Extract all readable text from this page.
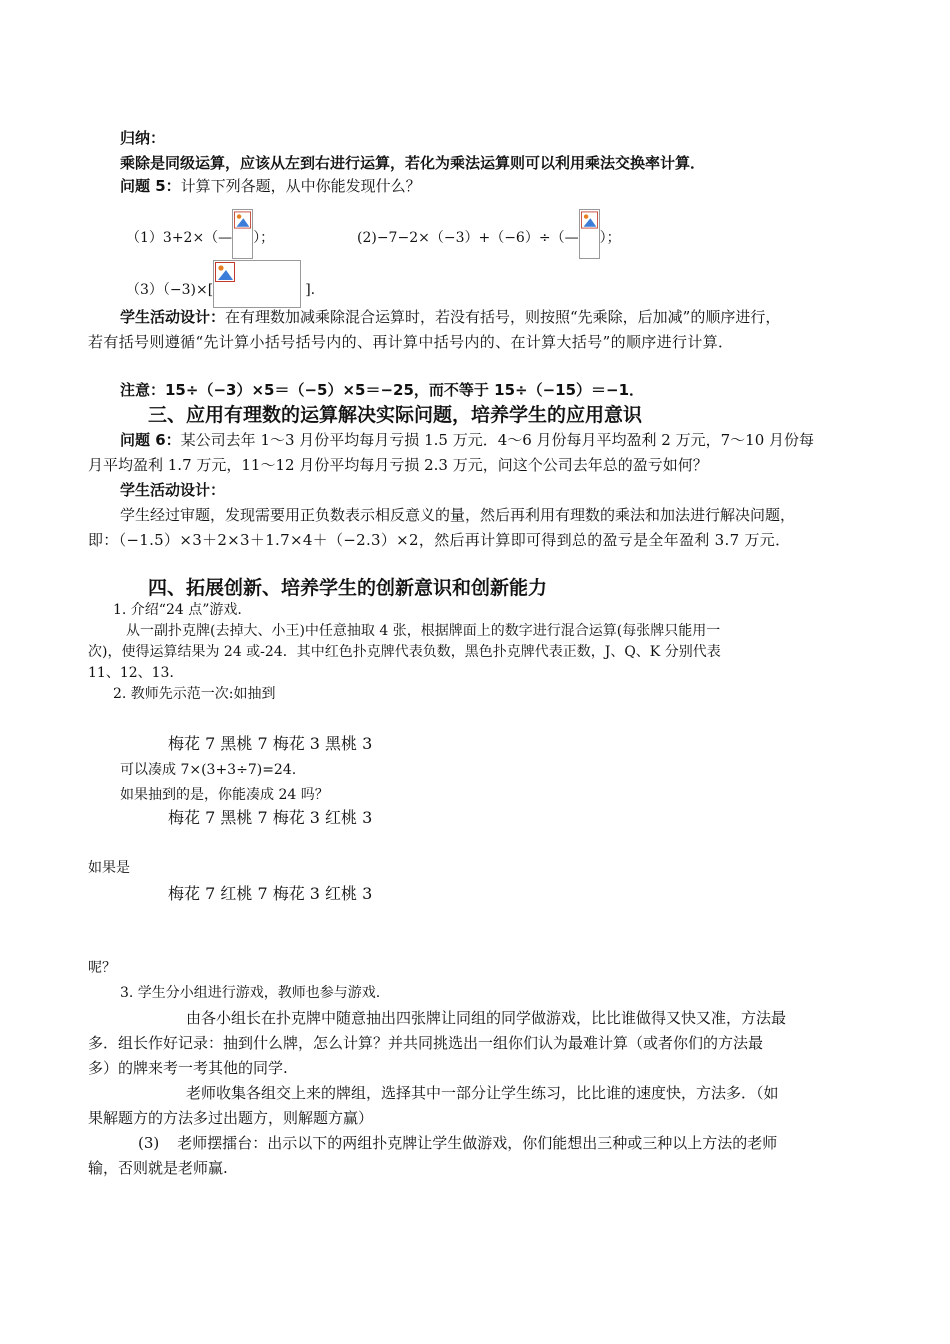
归纳：
乘除是同级运算，应该从左到右进行运算，若化为乘法运算则可以利用乘法交换率计算．
问题 5：计算下列各题，从中你能发现什么？
（1）3+2×（— ）；	(2)−7−2×（−3）+（−6）÷（— ）；
（3）（−3)×[	].
学生活动设计：在有理数加减乘除混合运算时，若没有括号，则按照“先乘除，后加减”的顺序进行，
若有括号则遵循“先计算小括号括号内的、再计算中括号内的、在计算大括号”的顺序进行计算．
注意：15÷（−3）×5＝（−5）×5＝−25，而不等于 15÷（−15）＝−1．
三、应用有理数的运算解决实际问题，培养学生的应用意识
问题 6：某公司去年 1～3 月份平均每月亏损 1.5 万元．4～6 月份每月平均盈利 2 万元，7～10 月份每
月平均盈利 1.7 万元，11～12 月份平均每月亏损 2.3 万元，问这个公司去年总的盈亏如何？
学生活动设计：
学生经过审题，发现需要用正负数表示相反意义的量，然后再利用有理数的乘法和加法进行解决问题，
即：（−1.5）×3＋2×3＋1.7×4＋（−2.3）×2，然后再计算即可得到总的盈亏是全年盈利 3.7 万元．
四、拓展创新、培养学生的创新意识和创新能力
1. 介绍“24 点”游戏.
从一副扑克牌(去掉大、小王)中任意抽取 4 张，根据牌面上的数字进行混合运算(每张牌只能用一
次)，使得运算结果为 24 或-24．其中红色扑克牌代表负数，黑色扑克牌代表正数，J、Q、K 分别代表
11、12、13．
2. 教师先示范一次:如抽到
梅花 7 黑桃 7 梅花 3 黑桃 3
可以凑成 7×(3+3÷7)=24.
如果抽到的是，你能凑成 24 吗？
梅花 7 黑桃 7 梅花 3 红桃 3
如果是
梅花 7 红桃 7 梅花 3 红桃 3
呢？
3. 学生分小组进行游戏，教师也参与游戏.
由各小组长在扑克牌中随意抽出四张牌让同组的同学做游戏，比比谁做得又快又准，方法最
多．组长作好记录：抽到什么牌，怎么计算？并共同挑选出一组你们认为最难计算（或者你们的方法最
多）的牌来考一考其他的同学.
老师收集各组交上来的牌组，选择其中一部分让学生练习，比比谁的速度快，方法多．（如
果解题方的方法多过出题方，则解题方赢）
(3) 老师摆擂台：出示以下的两组扑克牌让学生做游戏，你们能想出三种或三种以上方法的老师
输，否则就是老师赢.
